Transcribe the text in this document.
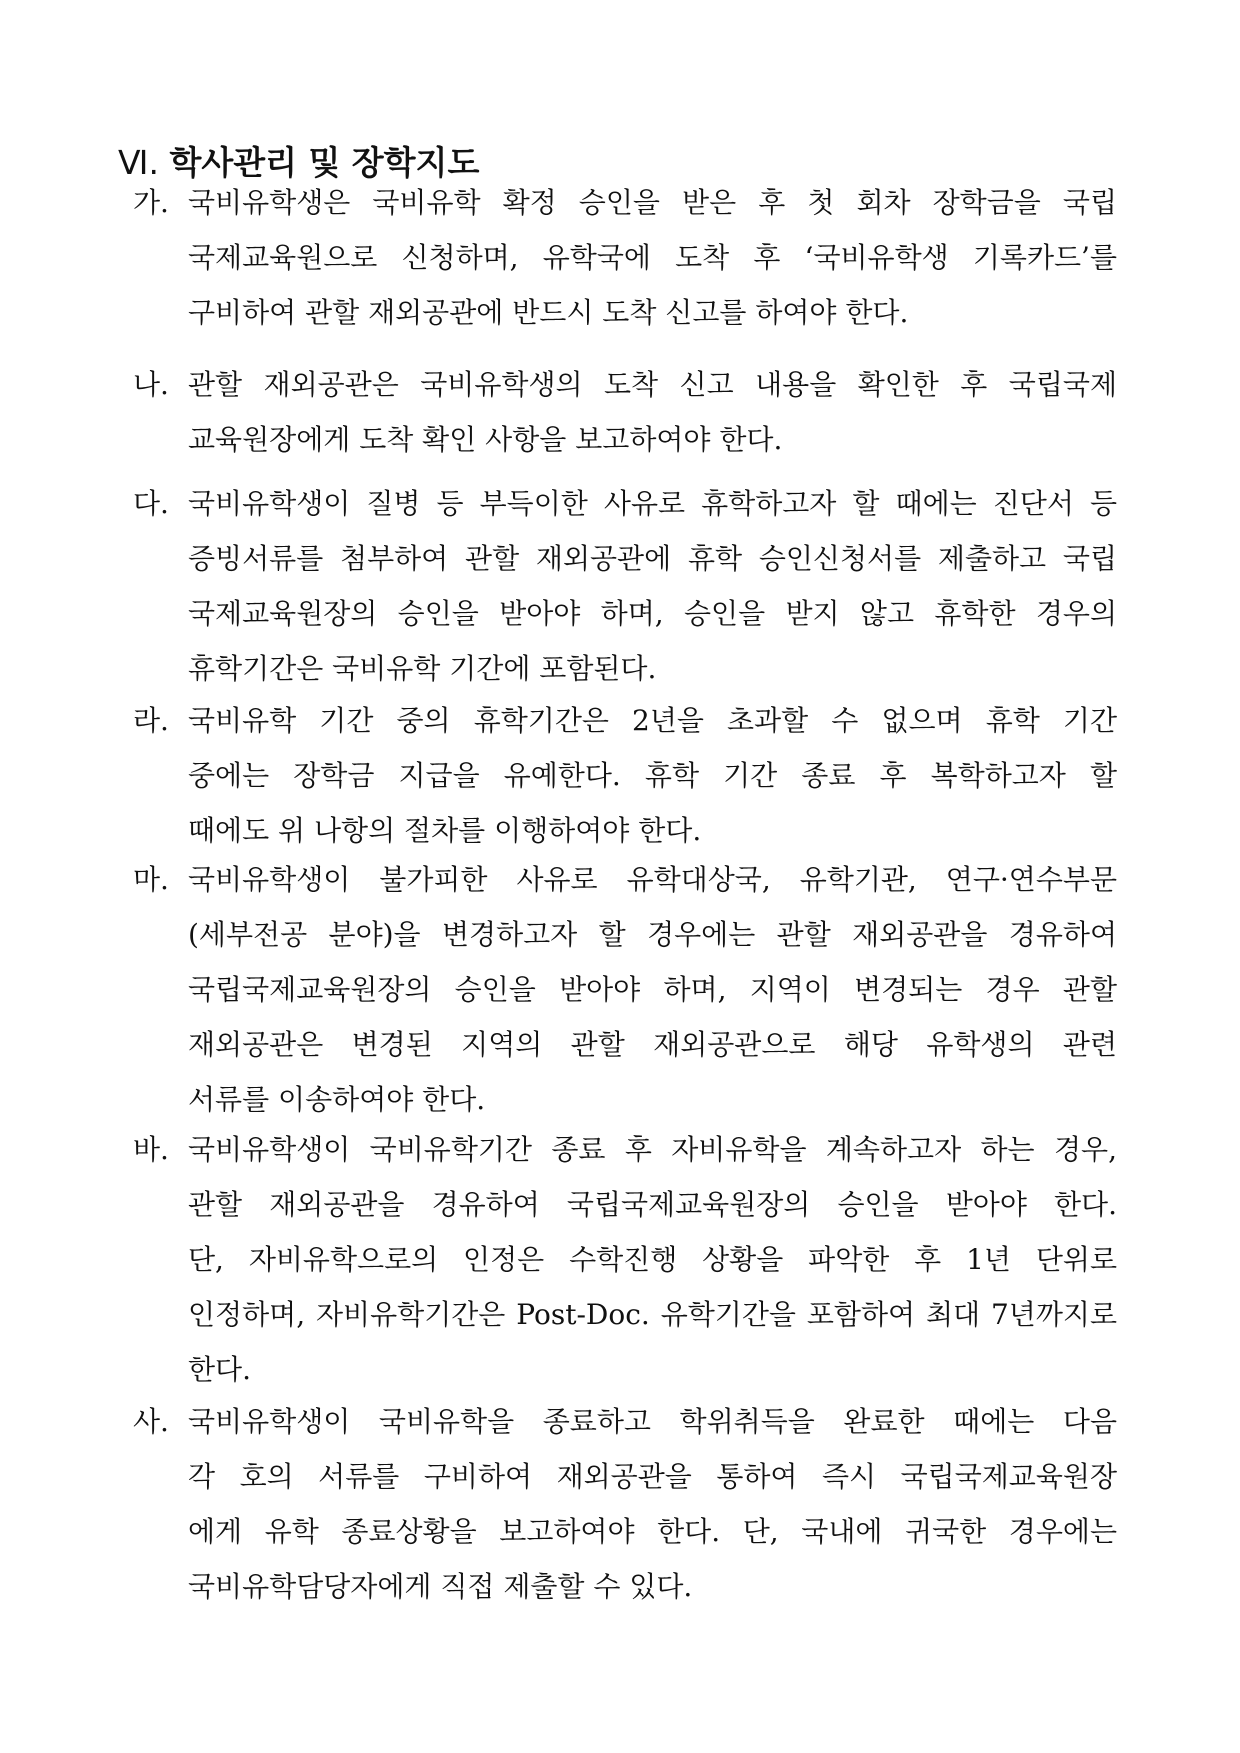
Ⅵ. 학사관리 및 장학지도
가. 국비유학생은 국비유학 확정 승인을 받은 후 첫 회차 장학금을 국립
국제교육원으로 신청하며, 유학국에 도착 후 ‘국비유학생 기록카드’를
구비하여 관할 재외공관에 반드시 도착 신고를 하여야 한다.
나. 관할 재외공관은 국비유학생의 도착 신고 내용을 확인한 후 국립국제
교육원장에게 도착 확인 사항을 보고하여야 한다.
다. 국비유학생이 질병 등 부득이한 사유로 휴학하고자 할 때에는 진단서 등
증빙서류를 첨부하여 관할 재외공관에 휴학 승인신청서를 제출하고 국립
국제교육원장의 승인을 받아야 하며, 승인을 받지 않고 휴학한 경우의
휴학기간은 국비유학 기간에 포함된다.
라. 국비유학 기간 중의 휴학기간은 2년을 초과할 수 없으며 휴학 기간
중에는 장학금 지급을 유예한다. 휴학 기간 종료 후 복학하고자 할
때에도 위 나항의 절차를 이행하여야 한다.
마. 국비유학생이 불가피한 사유로 유학대상국, 유학기관, 연구·연수부문
(세부전공 분야)을 변경하고자 할 경우에는 관할 재외공관을 경유하여
국립국제교육원장의 승인을 받아야 하며, 지역이 변경되는 경우 관할
재외공관은 변경된 지역의 관할 재외공관으로 해당 유학생의 관련
서류를 이송하여야 한다.
바. 국비유학생이 국비유학기간 종료 후 자비유학을 계속하고자 하는 경우,
관할 재외공관을 경유하여 국립국제교육원장의 승인을 받아야 한다.
단, 자비유학으로의 인정은 수학진행 상황을 파악한 후 1년 단위로
인정하며, 자비유학기간은 Post-Doc. 유학기간을 포함하여 최대 7년까지로
한다.
사. 국비유학생이 국비유학을 종료하고 학위취득을 완료한 때에는 다음
각 호의 서류를 구비하여 재외공관을 통하여 즉시 국립국제교육원장
에게 유학 종료상황을 보고하여야 한다. 단, 국내에 귀국한 경우에는
국비유학담당자에게 직접 제출할 수 있다.
